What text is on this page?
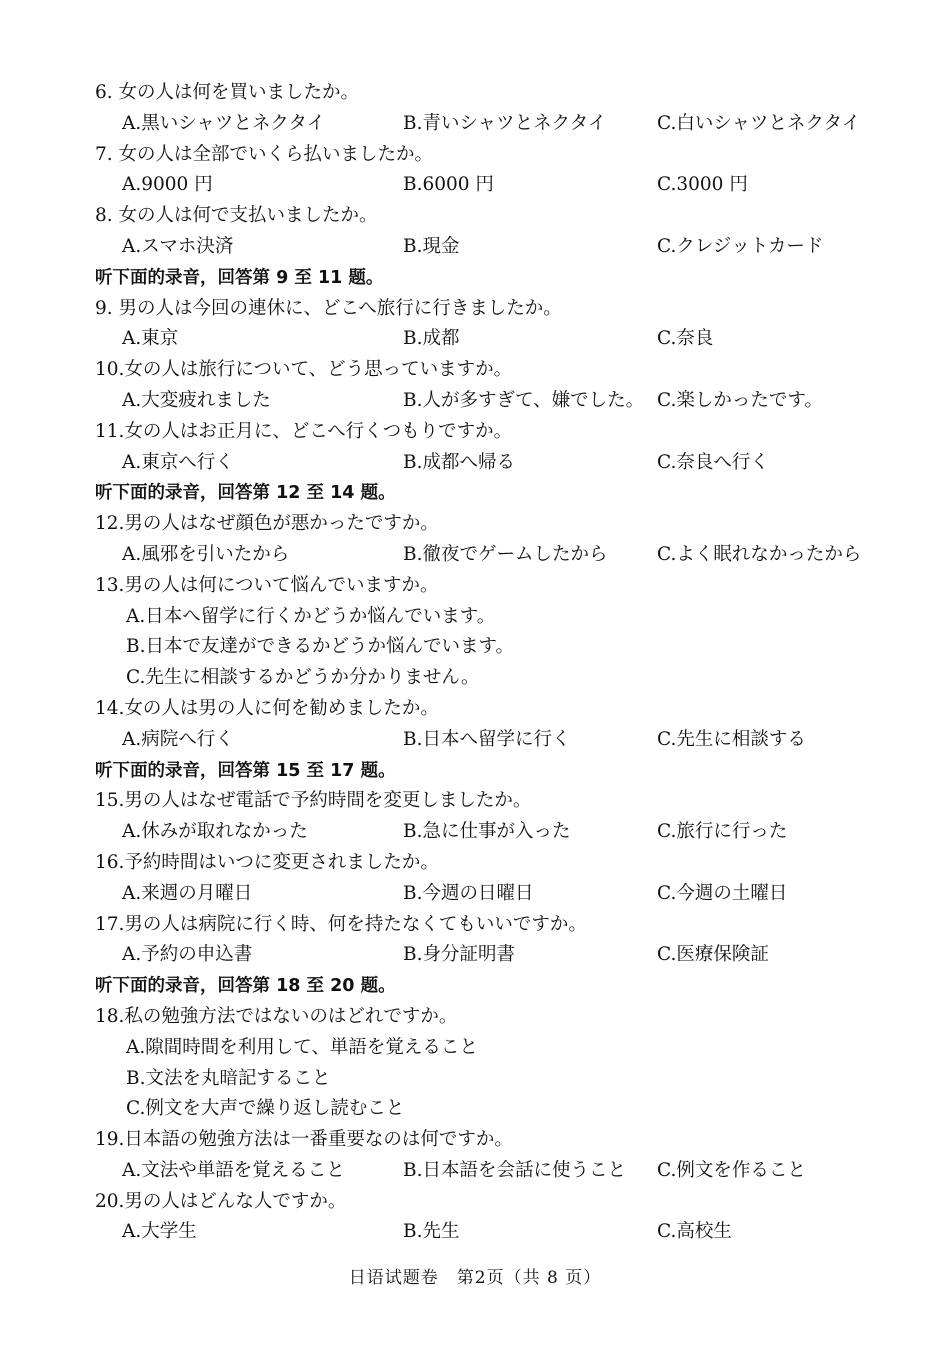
6. 女の人は何を買いましたか。
A.黒いシャツとネクタイ	B.青いシャツとネクタイ	C.白いシャツとネクタイ
7. 女の人は全部でいくら払いましたか。
A.9000 円	B.6000 円	C.3000 円
8. 女の人は何で支払いましたか。
A.スマホ決済	B.現金	C.クレジットカード
听下面的录音，回答第 9 至 11 题。
9. 男の人は今回の連休に、どこへ旅行に行きましたか。
A.東京	B.成都	C.奈良
10.女の人は旅行について、どう思っていますか。
A.大変疲れました	B.人が多すぎて、嫌でした。 C.楽しかったです。
11.女の人はお正月に、どこへ行くつもりですか。
A.東京へ行く	B.成都へ帰る	C.奈良へ行く
听下面的录音，回答第 12 至 14 题。
12.男の人はなぜ顔色が悪かったですか。
A.風邪を引いたから	B.徹夜でゲームしたから	C.よく眠れなかったから
13.男の人は何について悩んでいますか。
A.日本へ留学に行くかどうか悩んでいます。
B.日本で友達ができるかどうか悩んでいます。
C.先生に相談するかどうか分かりません。
14.女の人は男の人に何を勧めましたか。
A.病院へ行く	B.日本へ留学に行く	C.先生に相談する
听下面的录音，回答第 15 至 17 题。
15.男の人はなぜ電話で予約時間を変更しましたか。
A.休みが取れなかった	B.急に仕事が入った	C.旅行に行った
16.予約時間はいつに変更されましたか。
A.来週の月曜日	B.今週の日曜日	C.今週の土曜日
17.男の人は病院に行く時、何を持たなくてもいいですか。
A.予約の申込書	B.身分証明書	C.医療保険証
听下面的录音，回答第 18 至 20 题。
18.私の勉強方法ではないのはどれですか。
A.隙間時間を利用して、単語を覚えること
B.文法を丸暗記すること
C.例文を大声で繰り返し読むこと
19.日本語の勉強方法は一番重要なのは何ですか。
A.文法や単語を覚えること	B.日本語を会話に使うこと C.例文を作ること
20.男の人はどんな人ですか。
A.大学生	B.先生	C.高校生
日语试题卷　第2页（共 8 页）
